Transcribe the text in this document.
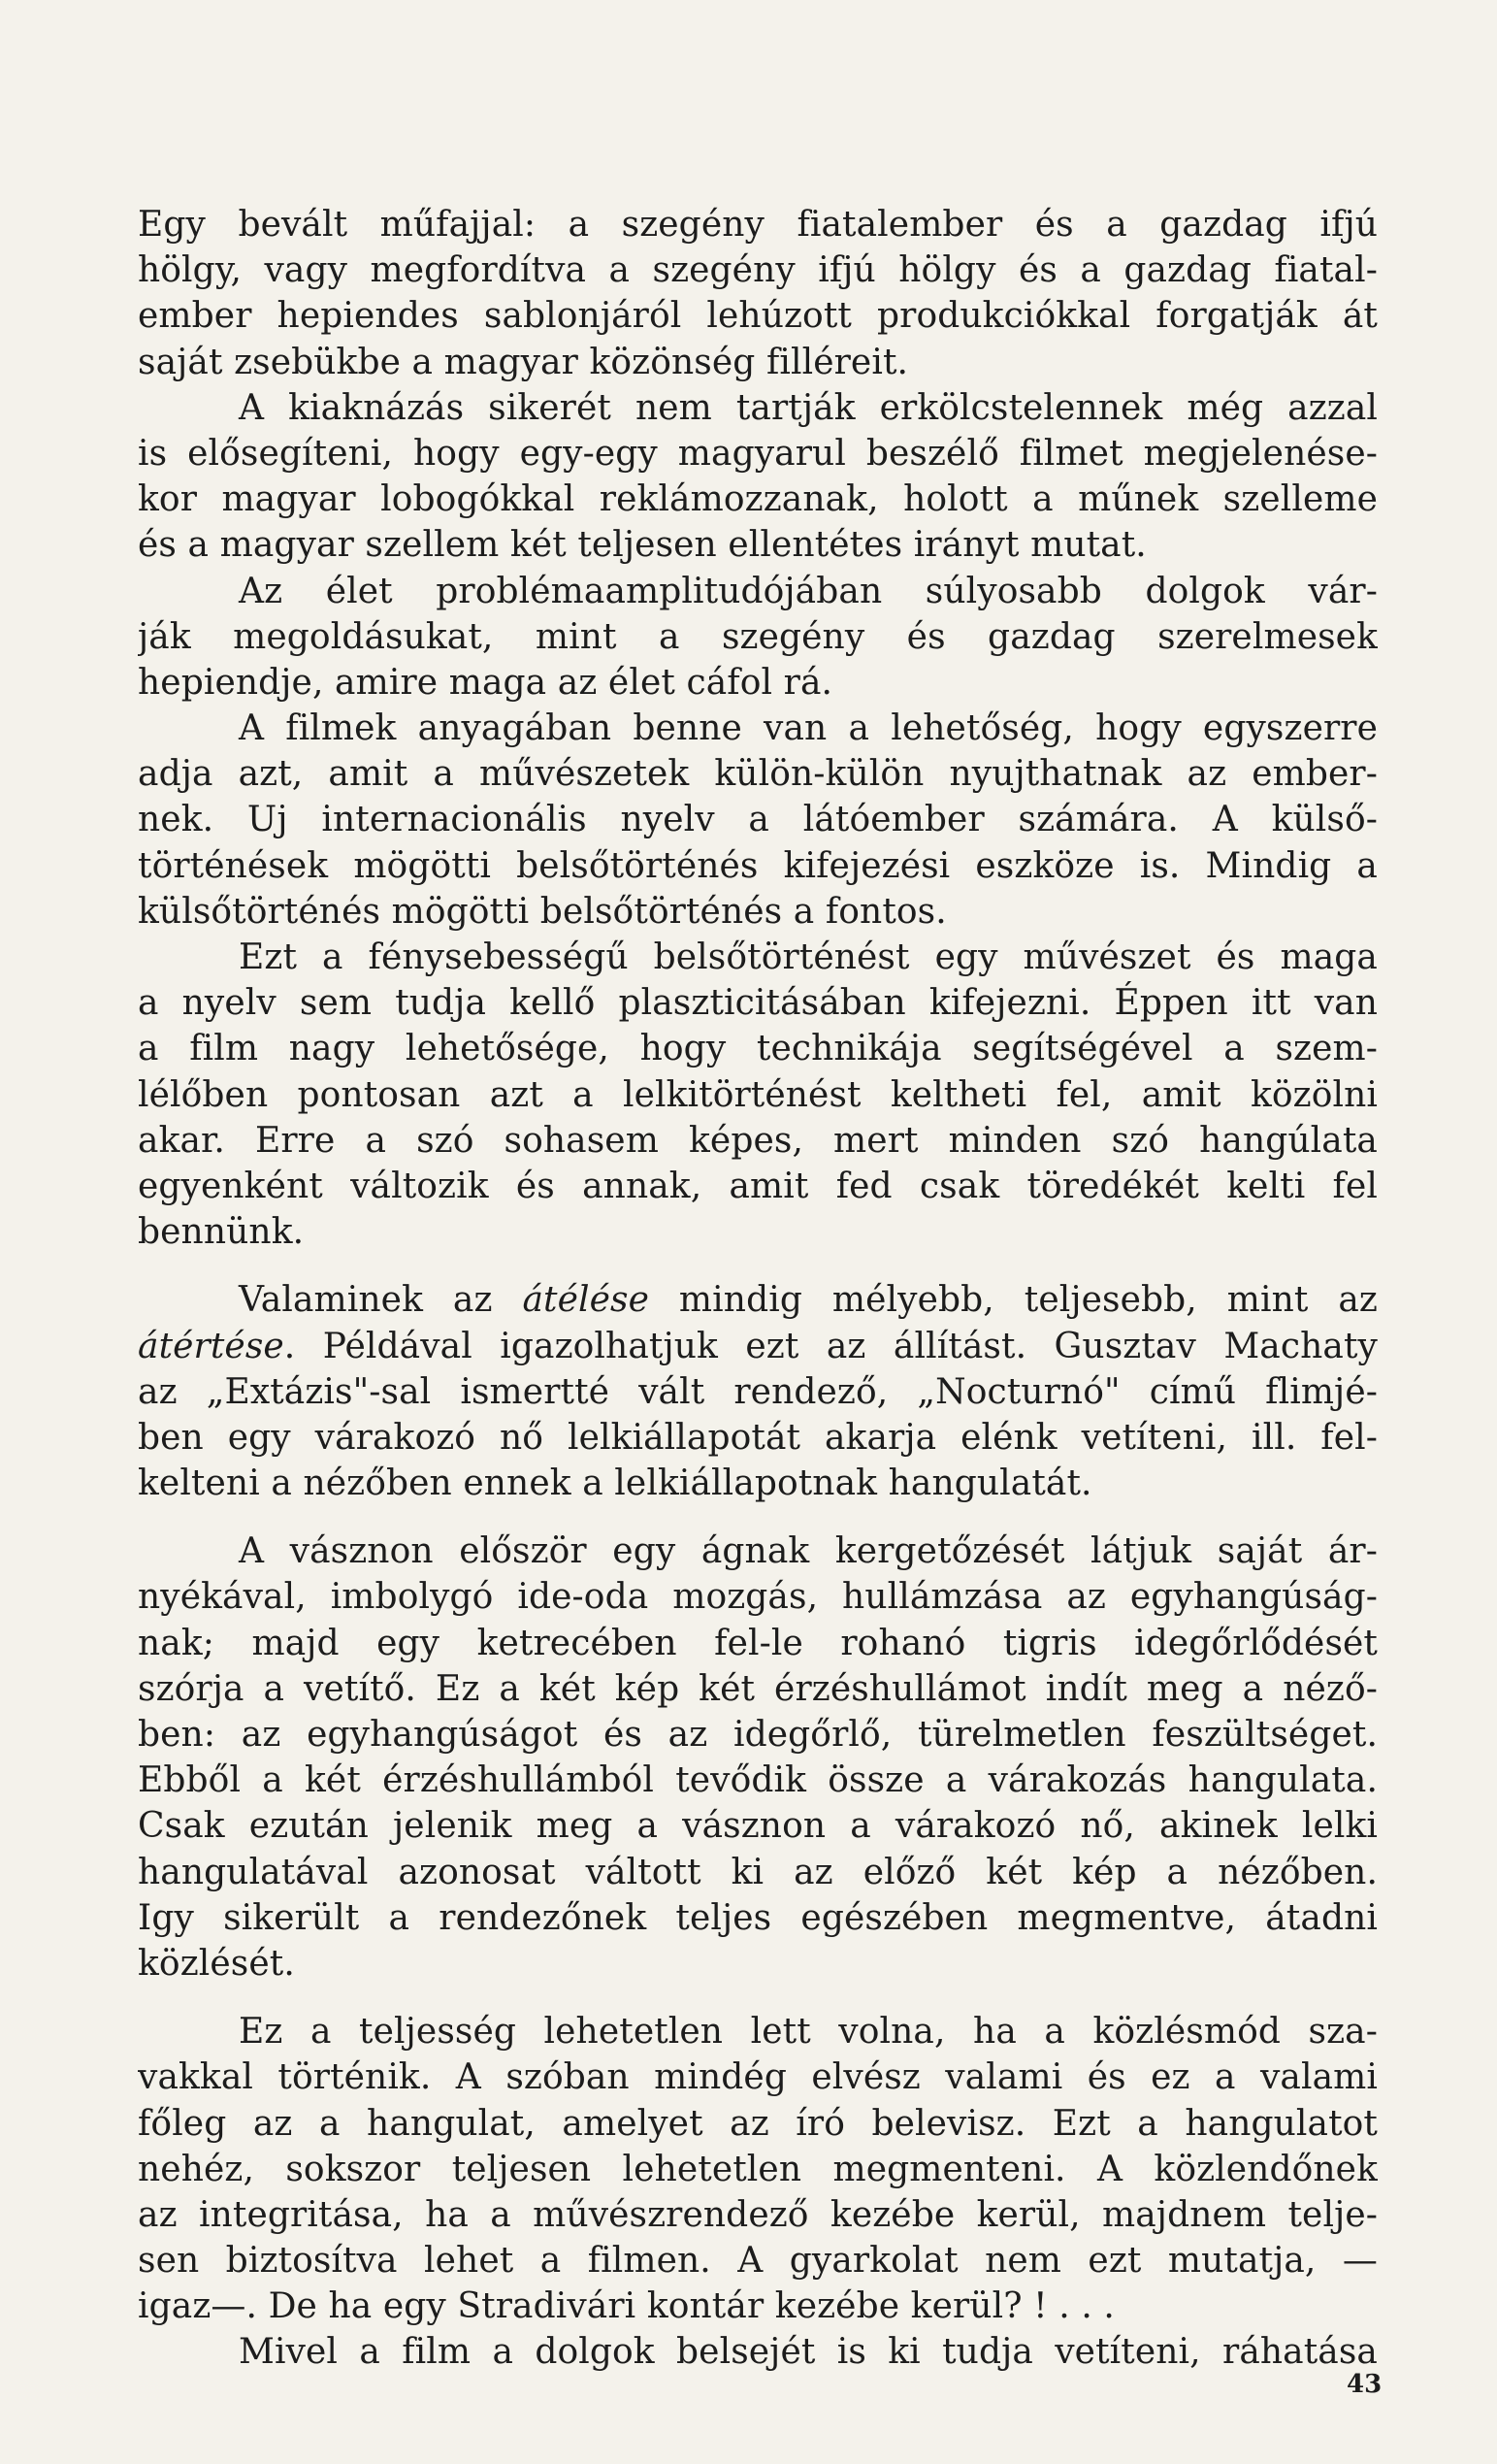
Egy bevált műfajjal: a szegény fiatalember és a gazdag ifjú
hölgy, vagy megfordítva a szegény ifjú hölgy és a gazdag fiatal-
ember hepiendes sablonjáról lehúzott produkciókkal forgatják át
saját zsebükbe a magyar közönség filléreit.
A kiaknázás sikerét nem tartják erkölcstelennek még azzal
is elősegíteni, hogy egy-egy magyarul beszélő filmet megjelenése-
kor magyar lobogókkal reklámozzanak, holott a műnek szelleme
és a magyar szellem két teljesen ellentétes irányt mutat.
Az élet problémaamplitudójában súlyosabb dolgok vár-
ják megoldásukat, mint a szegény és gazdag szerelmesek
hepiendje, amire maga az élet cáfol rá.
A filmek anyagában benne van a lehetőség, hogy egyszerre
adja azt, amit a művészetek külön-külön nyujthatnak az ember-
nek. Uj internacionális nyelv a látóember számára. A külső-
történések mögötti belsőtörténés kifejezési eszköze is. Mindig a
külsőtörténés mögötti belsőtörténés a fontos.
Ezt a fénysebességű belsőtörténést egy művészet és maga
a nyelv sem tudja kellő plaszticitásában kifejezni. Éppen itt van
a film nagy lehetősége, hogy technikája segítségével a szem-
lélőben pontosan azt a lelkitörténést keltheti fel, amit közölni
akar. Erre a szó sohasem képes, mert minden szó hangúlata
egyenként változik és annak, amit fed csak töredékét kelti fel
bennünk.
Valaminek az átélése mindig mélyebb, teljesebb, mint az
átértése. Példával igazolhatjuk ezt az állítást. Gusztav Machaty
az „Extázis"-sal ismertté vált rendező, „Nocturnó" című flimjé-
ben egy várakozó nő lelkiállapotát akarja elénk vetíteni, ill. fel-
kelteni a nézőben ennek a lelkiállapotnak hangulatát.
A vásznon először egy ágnak kergetőzését látjuk saját ár-
nyékával, imbolygó ide-oda mozgás, hullámzása az egyhangúság-
nak; majd egy ketrecében fel-le rohanó tigris idegőrlődését
szórja a vetítő. Ez a két kép két érzéshullámot indít meg a néző-
ben: az egyhangúságot és az idegőrlő, türelmetlen feszültséget.
Ebből a két érzéshullámból tevődik össze a várakozás hangulata.
Csak ezután jelenik meg a vásznon a várakozó nő, akinek lelki
hangulatával azonosat váltott ki az előző két kép a nézőben.
Igy sikerült a rendezőnek teljes egészében megmentve, átadni
közlését.
Ez a teljesség lehetetlen lett volna, ha a közlésmód sza-
vakkal történik. A szóban mindég elvész valami és ez a valami
főleg az a hangulat, amelyet az író belevisz. Ezt a hangulatot
nehéz, sokszor teljesen lehetetlen megmenteni. A közlendőnek
az integritása, ha a művészrendező kezébe kerül, majdnem telje-
sen biztosítva lehet a filmen. A gyarkolat nem ezt mutatja, —
igaz—. De ha egy Stradivári kontár kezébe kerül? ! . . .
Mivel a film a dolgok belsejét is ki tudja vetíteni, ráhatása
43
